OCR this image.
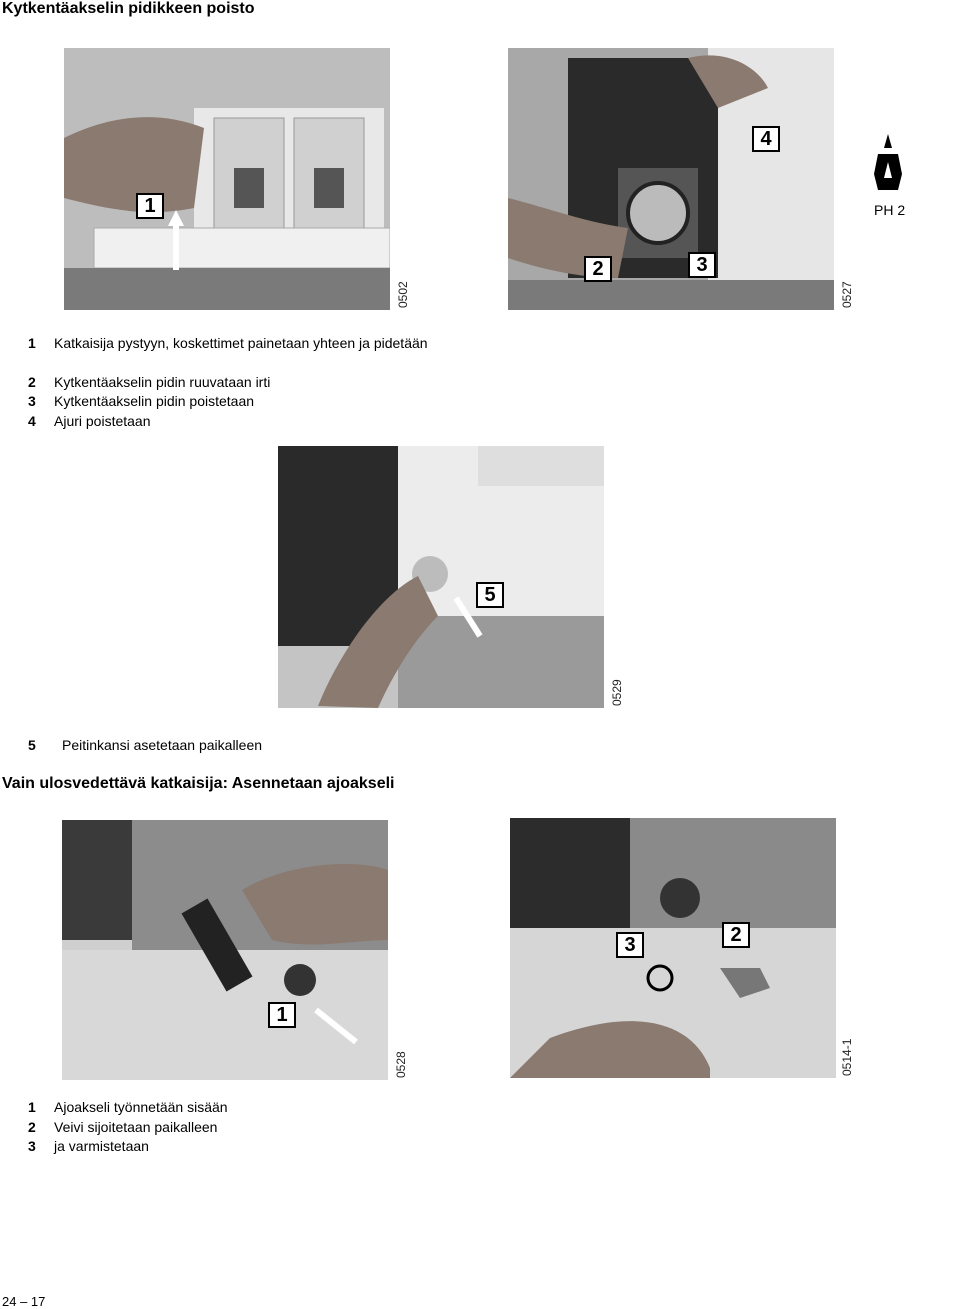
Kytkentäakselin pidikkeen poisto
1
0502
4
2	3
0527
PH 2
1 Katkaisija pystyyn, koskettimet painetaan yhteen ja pidetään
2 Kytkentäakselin pidin ruuvataan irti
3 Kytkentäakselin pidin poistetaan
4 Ajuri poistetaan
5
0529
5 Peitinkansi asetetaan paikalleen
Vain ulosvedettävä katkaisija: Asennetaan ajoakseli
1
0528
3	2
0514-1
1 Ajoakseli työnnetään sisään
2 Veivi sijoitetaan paikalleen
3 ja varmistetaan
24 – 17
